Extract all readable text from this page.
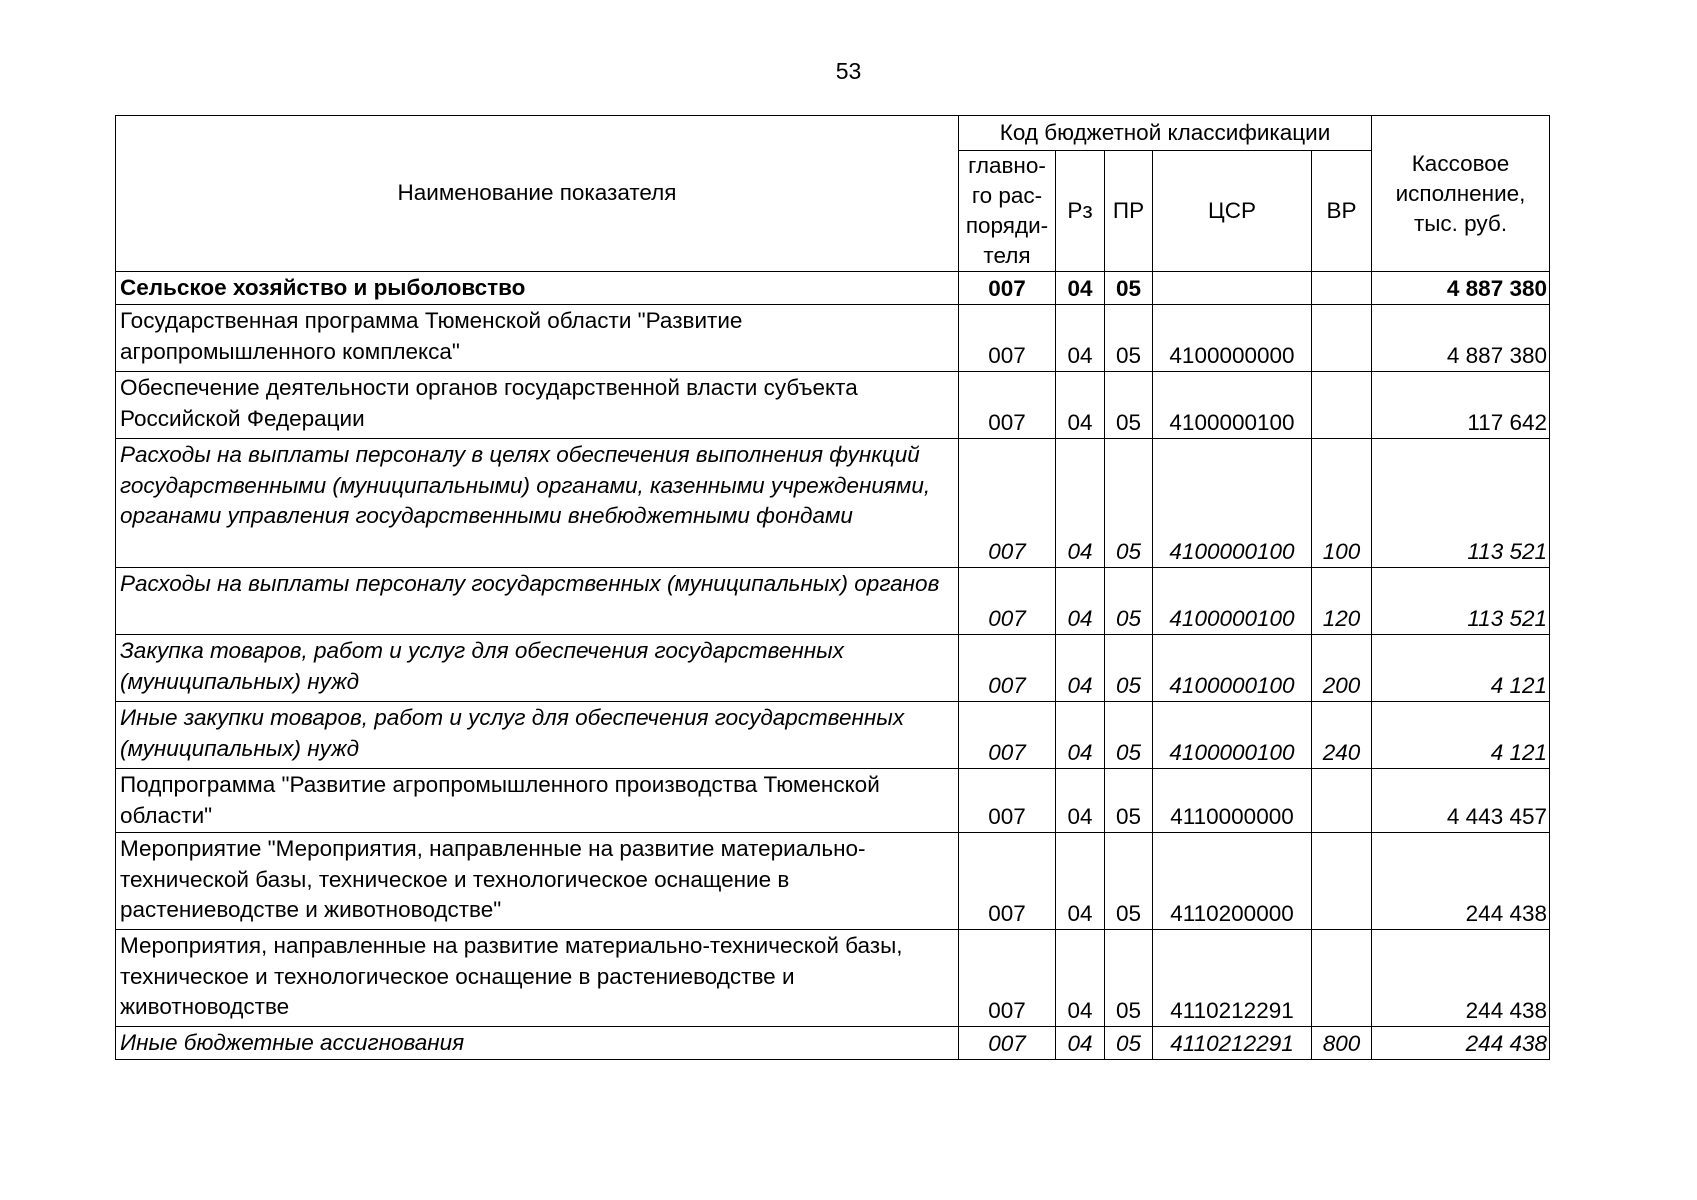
53
Наименование показателя	Код бюджетной классификации					Кассовое исполнение, тыс. руб.
	главно-го рас-поряди-теля	Рз	ПР	ЦСР	ВР	
Сельское хозяйство и рыболовство	007	04	05			4 887 380
Государственная программа Тюменской области "Развитие агропромышленного комплекса"	007	04	05	4100000000		4 887 380
Обеспечение деятельности органов государственной власти субъекта Российской Федерации	007	04	05	4100000100		117 642
Расходы на выплаты персоналу в целях обеспечения выполнения функций государственными (муниципальными) органами, казенными учреждениями, органами управления государственными внебюджетными фондами	007	04	05	4100000100	100	113 521
Расходы на выплаты персоналу государственных (муниципальных) органов	007	04	05	4100000100	120	113 521
Закупка товаров, работ и услуг для обеспечения государственных (муниципальных) нужд	007	04	05	4100000100	200	4 121
Иные закупки товаров, работ и услуг для обеспечения государственных (муниципальных) нужд	007	04	05	4100000100	240	4 121
Подпрограмма "Развитие агропромышленного производства Тюменской области"	007	04	05	4110000000		4 443 457
Мероприятие "Мероприятия, направленные на развитие материально-технической базы, техническое и технологическое оснащение в растениеводстве и животноводстве"	007	04	05	4110200000		244 438
Мероприятия, направленные на развитие материально-технической базы, техническое и технологическое оснащение в растениеводстве и животноводстве	007	04	05	4110212291		244 438
Иные бюджетные ассигнования	007	04	05	4110212291	800	244 438
